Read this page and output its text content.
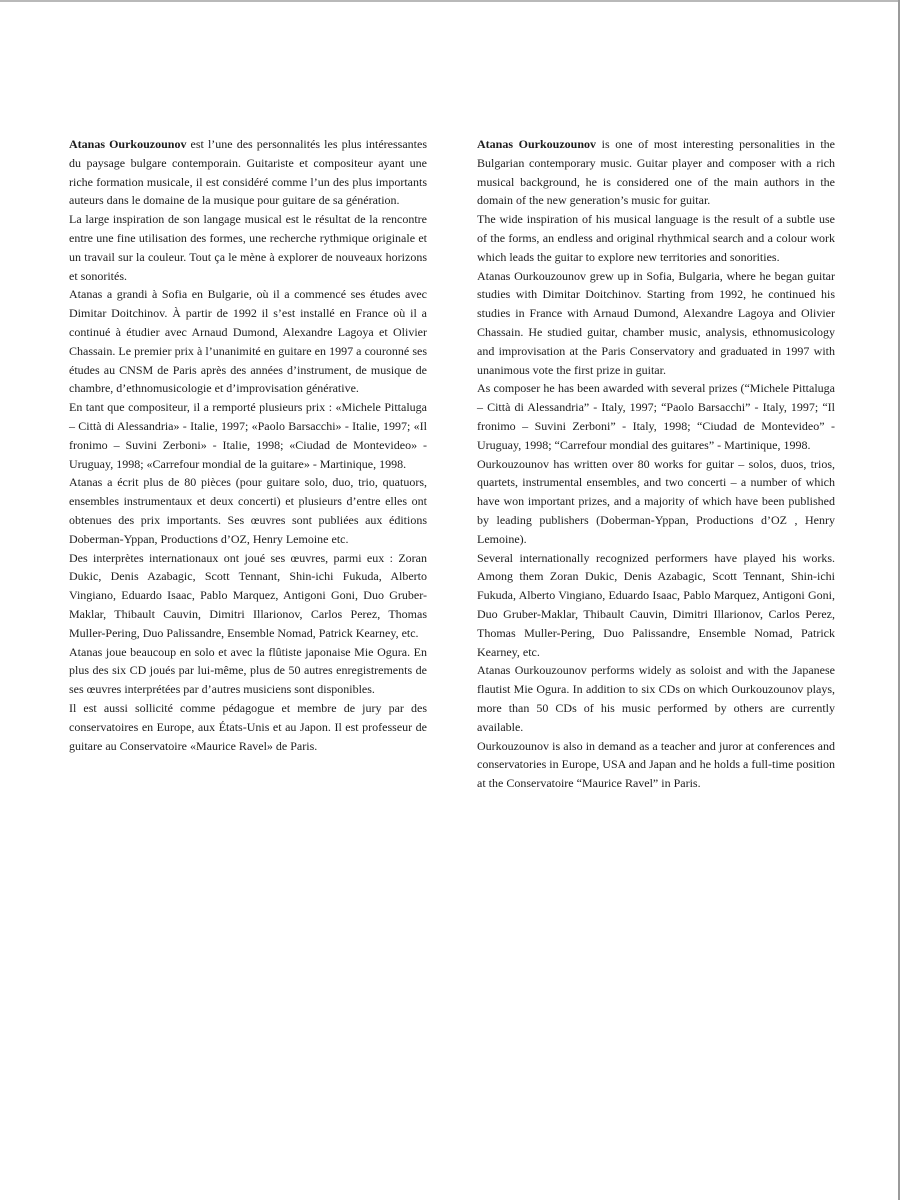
Atanas Ourkouzounov est l’une des personnalités les plus intéressantes du paysage bulgare contemporain. Guitariste et compositeur ayant une riche formation musicale, il est considéré comme l’un des plus importants auteurs dans le domaine de la musique pour guitare de sa génération.

La large inspiration de son langage musical est le résultat de la rencontre entre une fine utilisation des formes, une recherche rythmique originale et un travail sur la couleur. Tout ça le mène à explorer de nouveaux horizons et sonorités.

Atanas a grandi à Sofia en Bulgarie, où il a commencé ses études avec Dimitar Doitchinov. À partir de 1992 il s’est installé en France où il a continué à étudier avec Arnaud Dumond, Alexandre Lagoya et Olivier Chassain. Le premier prix à l’unanimité en guitare en 1997 a couronné ses études au CNSM de Paris après des années d’instrument, de musique de chambre, d’ethnomusicologie et d’improvisation générative.

En tant que compositeur, il a remporté plusieurs prix : «Michele Pittaluga – Città di Alessandria» - Italie, 1997; «Paolo Barsacchi» - Italie, 1997; «Il fronimo – Suvini Zerboni» - Italie, 1998; «Ciudad de Montevideo» - Uruguay, 1998; «Carrefour mondial de la guitare» - Martinique, 1998.

Atanas a écrit plus de 80 pièces (pour guitare solo, duo, trio, quatuors, ensembles instrumentaux et deux concerti) et plusieurs d’entre elles ont obtenues des prix importants. Ses œuvres sont publiées aux éditions Doberman-Yppan, Productions d’OZ, Henry Lemoine etc.

Des interprètes internationaux ont joué ses œuvres, parmi eux : Zoran Dukic, Denis Azabagic, Scott Tennant, Shin-ichi Fukuda, Alberto Vingiano, Eduardo Isaac, Pablo Marquez, Antigoni Goni, Duo Gruber-Maklar, Thibault Cauvin, Dimitri Illarionov, Carlos Perez, Thomas Muller-Pering, Duo Palissandre, Ensemble Nomad, Patrick Kearney, etc.

Atanas joue beaucoup en solo et avec la flûtiste japonaise Mie Ogura. En plus des six CD joués par lui-même, plus de 50 autres enregistrements de ses œuvres interprétées par d’autres musiciens sont disponibles.

Il est aussi sollicité comme pédagogue et membre de jury par des conservatoires en Europe, aux États-Unis et au Japon. Il est professeur de guitare au Conservatoire «Maurice Ravel» de Paris.

Atanas Ourkouzounov is one of most interesting personalities in the Bulgarian contemporary music. Guitar player and composer with a rich musical background, he is considered one of the main authors in the domain of the new generation’s music for guitar.

The wide inspiration of his musical language is the result of a subtle use of the forms, an endless and original rhythmical search and a colour work which leads the guitar to explore new territories and sonorities.

Atanas Ourkouzounov grew up in Sofia, Bulgaria, where he began guitar studies with Dimitar Doitchinov. Starting from 1992, he continued his studies in France with Arnaud Dumond, Alexandre Lagoya and Olivier Chassain. He studied guitar, chamber music, analysis, ethnomusicology and improvisation at the Paris Conservatory and graduated in 1997 with unanimous vote the first prize in guitar.

As composer he has been awarded with several prizes (“Michele Pittaluga – Città di Alessandria” - Italy, 1997; “Paolo Barsacchi” - Italy, 1997; “Il fronimo – Suvini Zerboni” - Italy, 1998; “Ciudad de Montevideo” - Uruguay, 1998; “Carrefour mondial des guitares” - Martinique, 1998.

Ourkouzounov has written over 80 works for guitar – solos, duos, trios, quartets, instrumental ensembles, and two concerti – a number of which have won important prizes, and a majority of which have been published by leading publishers (Doberman-Yppan, Productions d’OZ , Henry Lemoine).

Several internationally recognized performers have played his works. Among them Zoran Dukic, Denis Azabagic, Scott Tennant, Shin-ichi Fukuda, Alberto Vingiano, Eduardo Isaac, Pablo Marquez, Antigoni Goni, Duo Gruber-Maklar, Thibault Cauvin, Dimitri Illarionov, Carlos Perez, Thomas Muller-Pering, Duo Palissandre, Ensemble Nomad, Patrick Kearney, etc.

Atanas Ourkouzounov performs widely as soloist and with the Japanese flautist Mie Ogura. In addition to six CDs on which Ourkouzounov plays, more than 50 CDs of his music performed by others are currently available.

Ourkouzounov is also in demand as a teacher and juror at conferences and conservatories in Europe, USA and Japan and he holds a full-time position at the Conservatoire “Maurice Ravel” in Paris.
